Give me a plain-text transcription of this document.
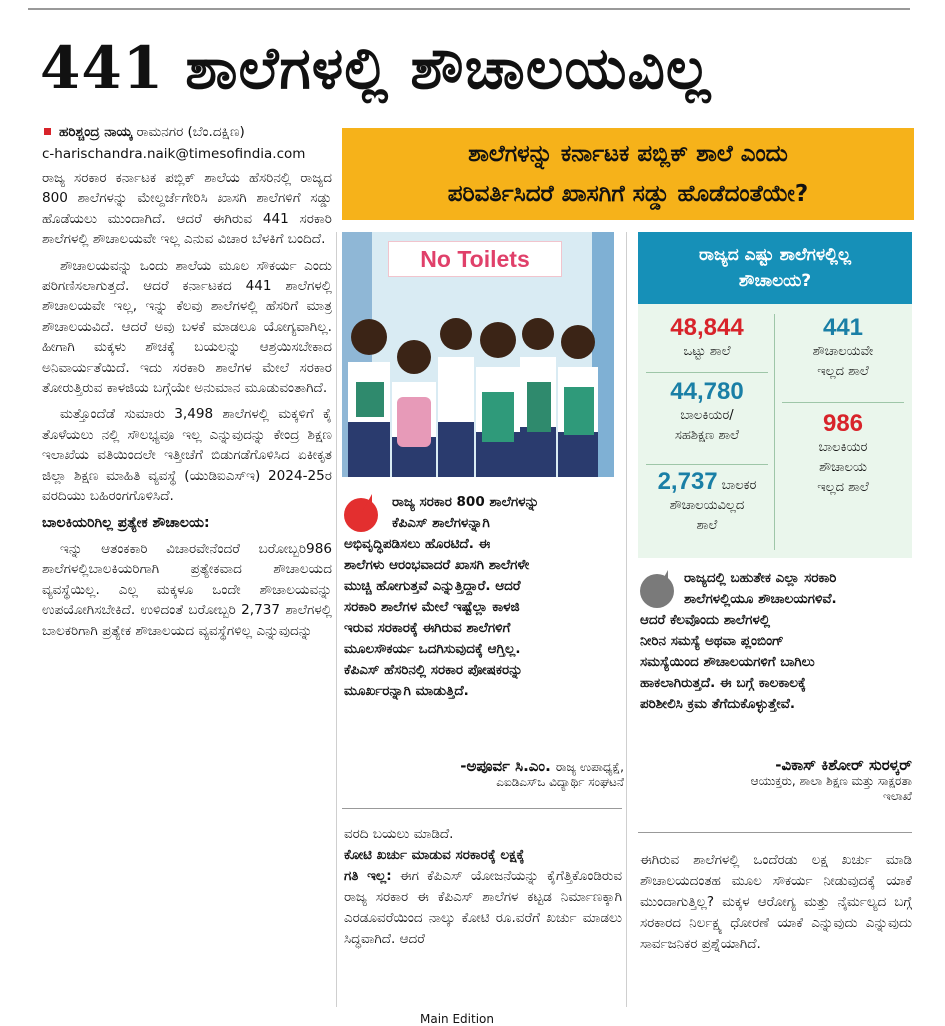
441 ಶಾಲೆಗಳಲ್ಲಿ ಶೌಚಾಲಯವಿಲ್ಲ
ಹರಿಶ್ಚಂದ್ರ ನಾಯ್ಕ ರಾಮನಗರ (ಬೆಂ.ದಕ್ಷಿಣ)
c-harischandra.naik@timesofindia.com

ರಾಜ್ಯ ಸರಕಾರ ಕರ್ನಾಟಕ ಪಬ್ಲಿಕ್ ಶಾಲೆಯ ಹೆಸರಿನಲ್ಲಿ ರಾಜ್ಯದ 800 ಶಾಲೆಗಳನ್ನು ಮೇಲ್ದರ್ಜೆಗೇರಿಸಿ ಖಾಸಗಿ ಶಾಲೆಗಳಿಗೆ ಸಡ್ಡು ಹೊಡೆಯಲು ಮುಂದಾಗಿದೆ. ಆದರೆ ಈಗಿರುವ 441 ಸರಕಾರಿ ಶಾಲೆಗಳಲ್ಲಿ ಶೌಚಾಲಯವೇ ಇಲ್ಲ ಎನುವ ವಿಚಾರ ಬೆಳಕಿಗೆ ಬಂದಿದೆ.

ಶೌಚಾಲಯವನ್ನು ಒಂದು ಶಾಲೆಯ ಮೂಲ ಸೌಕರ್ಯ ಎಂದು ಪರಿಗಣಿಸಲಾಗುತ್ತದೆ. ಆದರೆ ಕರ್ನಾಟಕದ 441 ಶಾಲೆಗಳಲ್ಲಿ ಶೌಚಾಲಯವೇ ಇಲ್ಲ, ಇನ್ನು ಕೆಲವು ಶಾಲೆಗಳಲ್ಲಿ ಹೆಸರಿಗೆ ಮಾತ್ರ ಶೌಚಾಲಯವಿದೆ. ಆದರೆ ಅವು ಬಳಕೆ ಮಾಡಲೂ ಯೋಗ್ಯವಾಗಿಲ್ಲ. ಹೀಗಾಗಿ ಮಕ್ಕಳು ಶೌಚಕ್ಕೆ ಬಯಲನ್ನು ಆಶ್ರಯಿಸಬೇಕಾದ ಅನಿವಾರ್ಯತೆಯಿದೆ. ಇದು ಸರಕಾರಿ ಶಾಲೆಗಳ ಮೇಲೆ ಸರಕಾರ ತೋರುತ್ತಿರುವ ಕಾಳಜಿಯ ಬಗ್ಗೆಯೇ ಅನುಮಾನ ಮೂಡುವಂತಾಗಿದೆ.

ಮತ್ತೊಂದೆಡೆ ಸುಮಾರು 3,498 ಶಾಲೆಗಳಲ್ಲಿ ಮಕ್ಕಳಿಗೆ ಕೈ ತೊಳೆಯಲು ನಲ್ಲಿ ಸೌಲಭ್ಯವೂ ಇಲ್ಲ ಎನ್ನುವುದನ್ನು ಕೇಂದ್ರ ಶಿಕ್ಷಣ ಇಲಾಖೆಯ ವತಿಯಿಂದಲೇ ಇತ್ತೀಚೆಗೆ ಬಿಡುಗಡೆಗೊಳಿಸಿದ ಏಕೀಕೃತ ಜಿಲ್ಲಾ ಶಿಕ್ಷಣ ಮಾಹಿತಿ ವ್ಯವಸ್ಥೆ (ಯುಡಿಐಎಸ್‌ಇ) 2024-25ರ ವರದಿಯು ಬಹಿರಂಗಗೊಳಿಸಿದೆ.

ಬಾಲಕಿಯರಿಗಿಲ್ಲ ಪ್ರತ್ಯೇಕ ಶೌಚಾಲಯ:

ಇನ್ನು ಆತಂಕಕಾರಿ ವಿಚಾರವೇನೆಂದರೆ ಬರೋಬ್ಬರಿ986 ಶಾಲೆಗಳಲ್ಲಿಬಾಲಕಿಯರಿಗಾಗಿ ಪ್ರತ್ಯೇಕವಾದ ಶೌಚಾಲಯದ ವ್ಯವಸ್ಥೆಯಿಲ್ಲ. ಎಲ್ಲ ಮಕ್ಕಳೂ ಒಂದೇ ಶೌಚಾಲಯವನ್ನು ಉಪಯೋಗಿಸಬೇಕಿದೆ. ಉಳಿದಂತೆ ಬರೋಬ್ಬರಿ 2,737 ಶಾಲೆಗಳಲ್ಲಿ ಬಾಲಕರಿಗಾಗಿ ಪ್ರತ್ಯೇಕ ಶೌಚಾಲಯದ ವ್ಯವಸ್ಥೆಗಳಿಲ್ಲ ಎನ್ನುವುದನ್ನು

ಶಾಲೆಗಳನ್ನು ಕರ್ನಾಟಕ ಪಬ್ಲಿಕ್ ಶಾಲೆ ಎಂದು
ಪರಿವರ್ತಿಸಿದರೆ ಖಾಸಗಿಗೆ ಸಡ್ಡು ಹೊಡೆದಂತೆಯೇ?
No Toilets	ರಾಜ್ಯದ ಎಷ್ಟು ಶಾಲೆಗಳಲ್ಲಿಲ್ಲ
ಶೌಚಾಲಯ?
48,844
ಒಟ್ಟು ಶಾಲೆ
441
ಶೌಚಾಲಯವೇ
ಇಲ್ಲದ ಶಾಲೆ
44,780
ಬಾಲಕಿಯರ/
ಸಹಶಿಕ್ಷಣ ಶಾಲೆ	986
ಬಾಲಕಿಯರ
ಶೌಚಾಲಯ
ಇಲ್ಲದ ಶಾಲೆ
2,737 ಬಾಲಕರ
ಶೌಚಾಲಯವಿಲ್ಲದ
ಶಾಲೆ
ರಾಜ್ಯ ಸರಕಾರ 800 ಶಾಲೆಗಳನ್ನು
ಕೆಪಿಎಸ್ ಶಾಲೆಗಳನ್ನಾಗಿ
ಅಭಿವೃದ್ಧಿಪಡಿಸಲು ಹೊರಟಿದೆ. ಈ
ಶಾಲೆಗಳು ಆರಂಭವಾದರೆ ಖಾಸಗಿ ಶಾಲೆಗಳೇ
ಮುಚ್ಚಿ ಹೋಗುತ್ತವೆ ಎನ್ನುತ್ತಿದ್ದಾರೆ. ಆದರೆ
ಸರಕಾರಿ ಶಾಲೆಗಳ ಮೇಲೆ ಇಷ್ಟೆಲ್ಲಾ ಕಾಳಜಿ
ಇರುವ ಸರಕಾರಕ್ಕೆ ಈಗಿರುವ ಶಾಲೆಗಳಿಗೆ
ಮೂಲಸೌಕರ್ಯ ಒದಗಿಸುವುದಕ್ಕೆ ಆಗ್ತಿಲ್ಲ.
ಕೆಪಿಎಸ್ ಹೆಸರಿನಲ್ಲಿ ಸರಕಾರ ಪೋಷಕರನ್ನು
ಮೂರ್ಖರನ್ನಾಗಿ ಮಾಡುತ್ತಿದೆ.
-ಅಪೂರ್ವ ಸಿ.ಎಂ. ರಾಜ್ಯ ಉಪಾಧ್ಯಕ್ಷೆ,
ಎಐಡಿಎಸ್‌ಒ ವಿದ್ಯಾರ್ಥಿ ಸಂಘಟನೆ
ವರದಿ ಬಯಲು ಮಾಡಿದೆ.
ಕೋಟಿ ಖರ್ಚು ಮಾಡುವ ಸರಕಾರಕ್ಕೆ ಲಕ್ಷಕ್ಕೆ
ಗತಿ ಇಲ್ಲ: ಈಗ ಕೆಪಿಎಸ್ ಯೋಜನೆಯನ್ನು ಕೈಗೆತ್ತಿಕೊಂಡಿರುವ ರಾಜ್ಯ ಸರಕಾರ ಈ ಕೆಪಿಎಸ್ ಶಾಲೆಗಳ ಕಟ್ಟಡ ನಿರ್ಮಾಣಕ್ಕಾಗಿ ಎರಡೂವರೆಯಿಂದ ನಾಲ್ಕು ಕೋಟಿ ರೂ.ವರೆಗೆ ಖರ್ಚು ಮಾಡಲು ಸಿದ್ಧವಾಗಿದೆ. ಆದರೆ
ರಾಜ್ಯದಲ್ಲಿ ಬಹುತೇಕ ಎಲ್ಲಾ ಸರಕಾರಿ
ಶಾಲೆಗಳಲ್ಲಿಯೂ ಶೌಚಾಲಯಗಳಿವೆ.
ಆದರೆ ಕೆಲವೊಂದು ಶಾಲೆಗಳಲ್ಲಿ
ನೀರಿನ ಸಮಸ್ಯೆ ಅಥವಾ ಪ್ಲಂಬಿಂಗ್
ಸಮಸ್ಯೆಯಿಂದ ಶೌಚಾಲಯಗಳಿಗೆ ಬಾಗಿಲು
ಹಾಕಲಾಗಿರುತ್ತದೆ. ಈ ಬಗ್ಗೆ ಕಾಲಕಾಲಕ್ಕೆ
ಪರಿಶೀಲಿಸಿ ಕ್ರಮ ತೆಗೆದುಕೊಳ್ಳುತ್ತೇವೆ.
-ವಿಕಾಸ್ ಕಿಶೋರ್ ಸುರಳ್ಕರ್
ಆಯುಕ್ತರು, ಶಾಲಾ ಶಿಕ್ಷಣ ಮತ್ತು ಸಾಕ್ಷರತಾ
ಇಲಾಖೆ
ಈಗಿರುವ ಶಾಲೆಗಳಲ್ಲಿ ಒಂದೆರಡು ಲಕ್ಷ ಖರ್ಚು ಮಾಡಿ ಶೌಚಾಲಯದಂತಹ ಮೂಲ ಸೌಕರ್ಯ ನೀಡುವುದಕ್ಕೆ ಯಾಕೆ ಮುಂದಾಗುತ್ತಿಲ್ಲ? ಮಕ್ಕಳ ಆರೋಗ್ಯ ಮತ್ತು ನೈರ್ಮಲ್ಯದ ಬಗ್ಗೆ ಸರಕಾರದ ನಿರ್ಲಕ್ಷ್ಯ ಧೋರಣೆ ಯಾಕೆ ಎನ್ನುವುದು ಎನ್ನುವುದು ಸಾರ್ವಜನಿಕರ ಪ್ರಶ್ನೆಯಾಗಿದೆ.
Main Edition
